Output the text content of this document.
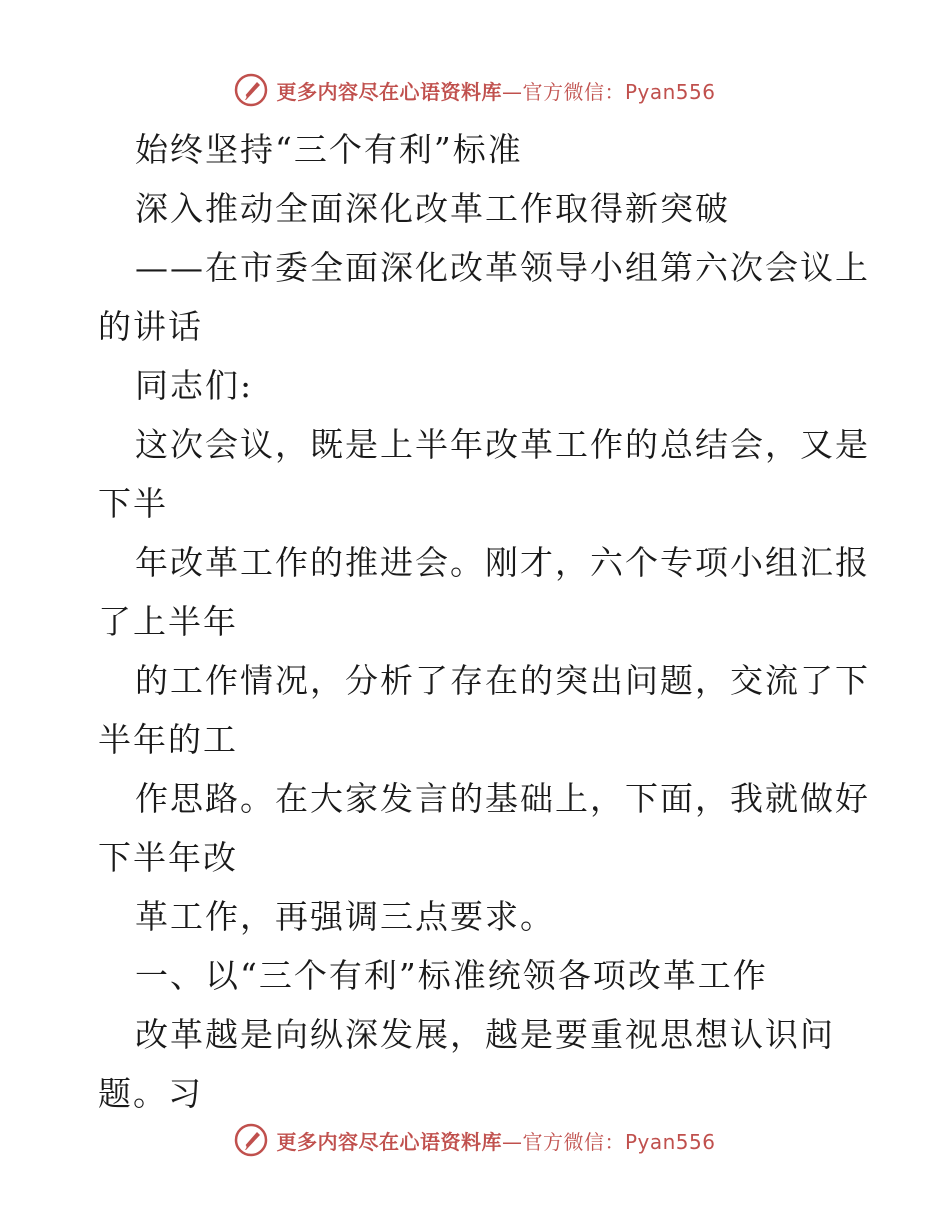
更多内容尽在心语资料库—官方微信：Pyan556
始终坚持“三个有利”标准
深入推动全面深化改革工作取得新突破
——在市委全面深化改革领导小组第六次会议上
的讲话
同志们:
这次会议，既是上半年改革工作的总结会，又是
下半
年改革工作的推进会。刚才，六个专项小组汇报
了上半年
的工作情况，分析了存在的突出问题，交流了下
半年的工
作思路。在大家发言的基础上，下面，我就做好
下半年改
革工作，再强调三点要求。
一、以“三个有利”标准统领各项改革工作
改革越是向纵深发展，越是要重视思想认识问
题。习
更多内容尽在心语资料库—官方微信：Pyan556
